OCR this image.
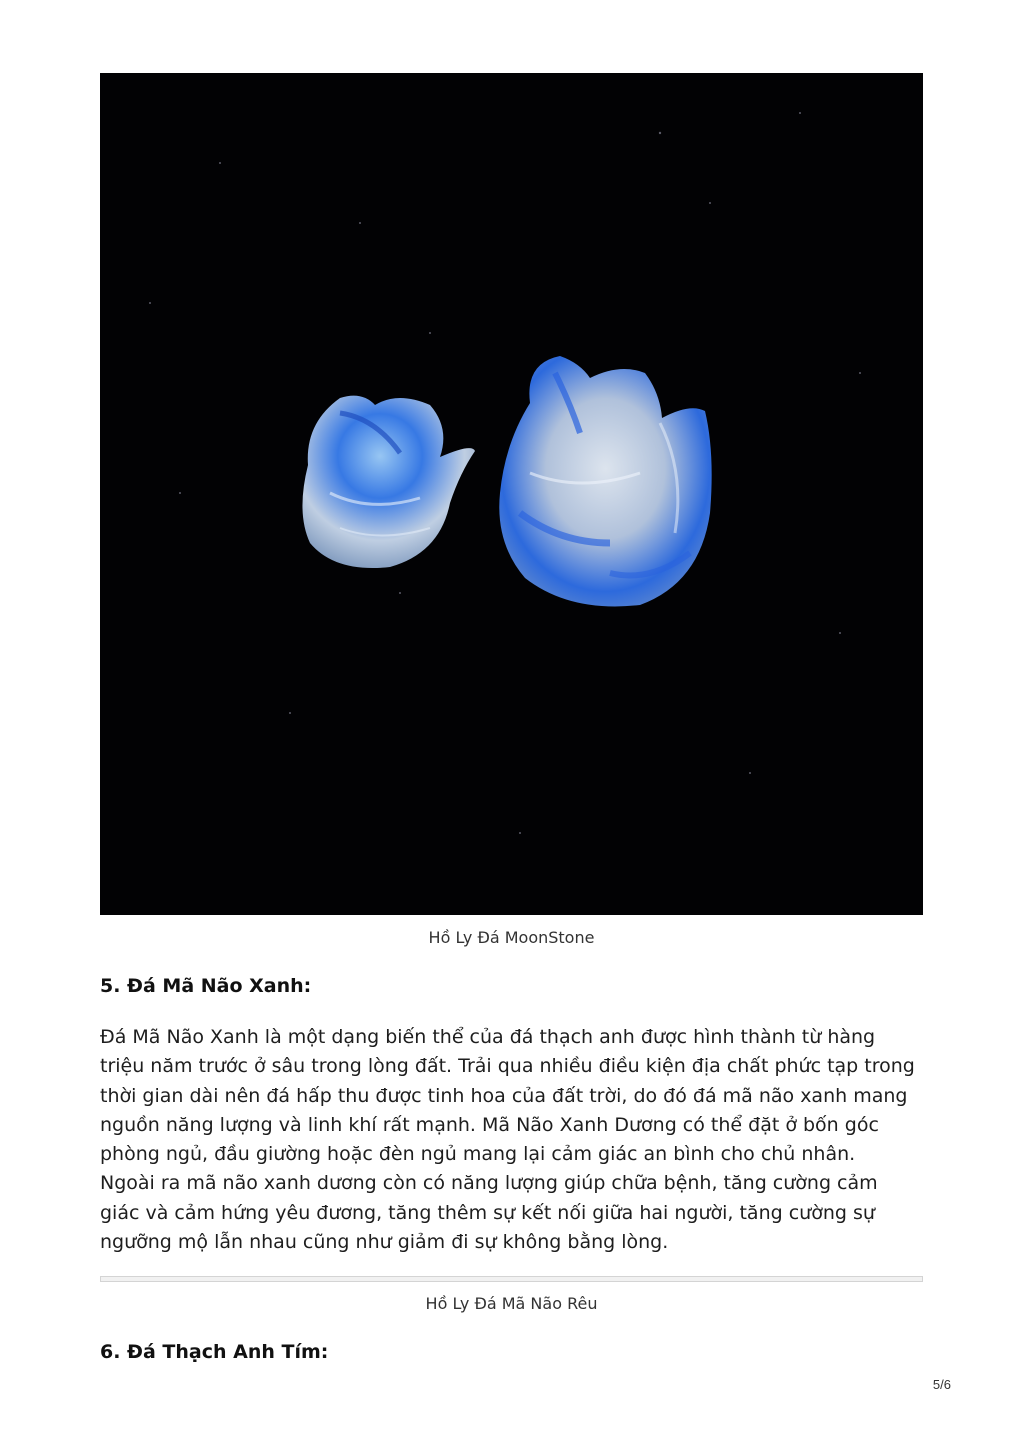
Hồ Ly Đá MoonStone
5. Đá Mã Não Xanh:
Đá Mã Não Xanh là một dạng biến thể của đá thạch anh được hình thành từ hàng triệu năm trước ở sâu trong lòng đất. Trải qua nhiều điều kiện địa chất phức tạp trong thời gian dài nên đá hấp thu được tinh hoa của đất trời, do đó đá mã não xanh mang nguồn năng lượng và linh khí rất mạnh. Mã Não Xanh Dương có thể đặt ở bốn góc phòng ngủ, đầu giường hoặc đèn ngủ mang lại cảm giác an bình cho chủ nhân. Ngoài ra mã não xanh dương còn có năng lượng giúp chữa bệnh, tăng cường cảm giác và cảm hứng yêu đương, tăng thêm sự kết nối giữa hai người, tăng cường sự ngưỡng mộ lẫn nhau cũng như giảm đi sự không bằng lòng.
Hồ Ly Đá Mã Não Rêu
6. Đá Thạch Anh Tím:
5/6
